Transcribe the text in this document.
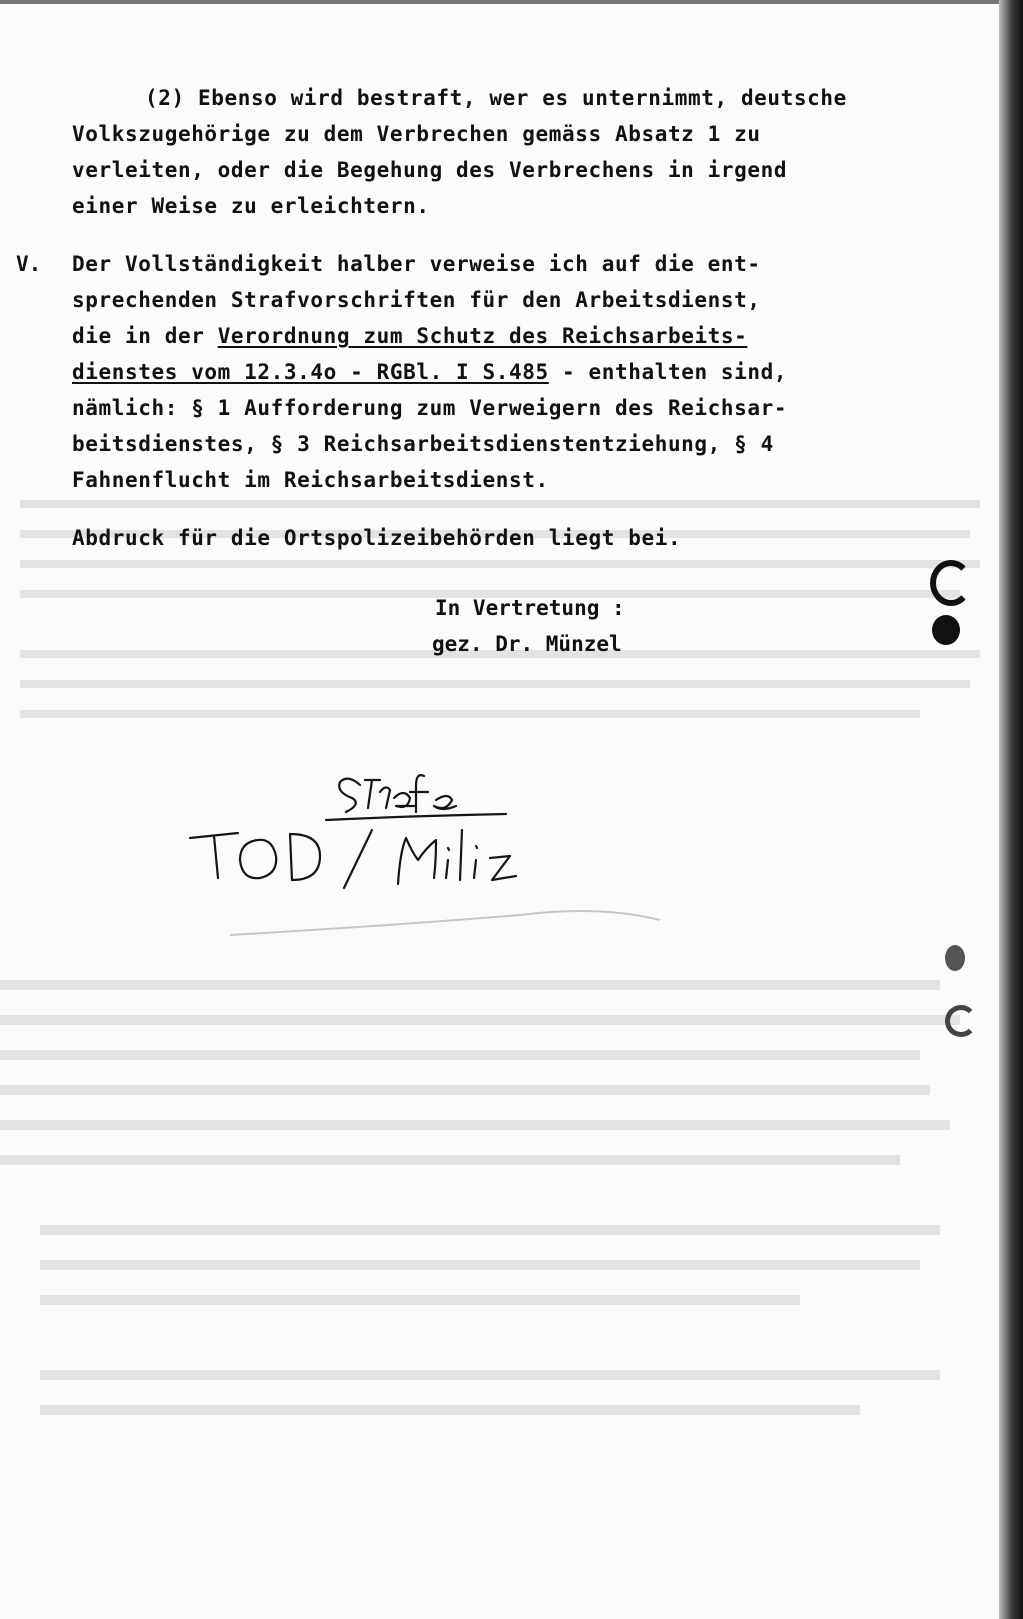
(2) Ebenso wird bestraft, wer es unternimmt, deutsche
Volkszugehörige zu dem Verbrechen gemäss Absatz 1 zu
verleiten, oder die Begehung des Verbrechens in irgend
einer Weise zu erleichtern.
V. Der Vollständigkeit halber verweise ich auf die ent-
sprechenden Strafvorschriften für den Arbeitsdienst,
die in der Verordnung zum Schutz des Reichsarbeits-
dienstes vom 12.3.4o - RGBl. I S.485 - enthalten sind,
nämlich: § 1 Aufforderung zum Verweigern des Reichsar-
beitsdienstes, § 3 Reichsarbeitsdienstentziehung, § 4
Fahnenflucht im Reichsarbeitsdienst.
Abdruck für die Ortspolizeibehörden liegt bei.
In Vertretung :
gez. Dr. Münzel
